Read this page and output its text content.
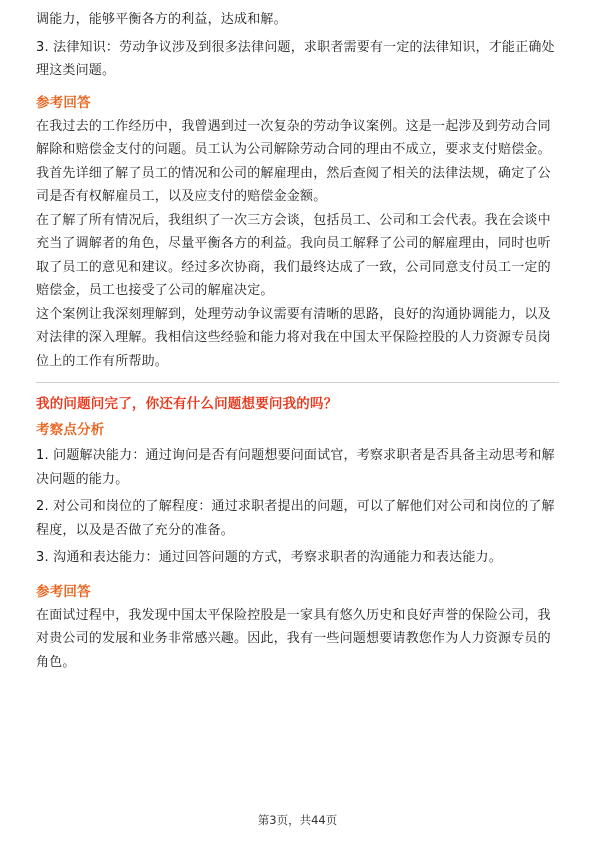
调能力，能够平衡各方的利益，达成和解。

3. 法律知识：劳动争议涉及到很多法律问题，求职者需要有一定的法律知识，才能正确处理这类问题。

参考回答

在我过去的工作经历中，我曾遇到过一次复杂的劳动争议案例。这是一起涉及到劳动合同解除和赔偿金支付的问题。员工认为公司解除劳动合同的理由不成立，要求支付赔偿金。我首先详细了解了员工的情况和公司的解雇理由，然后查阅了相关的法律法规，确定了公司是否有权解雇员工，以及应支付的赔偿金金额。

在了解了所有情况后，我组织了一次三方会谈，包括员工、公司和工会代表。我在会谈中充当了调解者的角色，尽量平衡各方的利益。我向员工解释了公司的解雇理由，同时也听取了员工的意见和建议。经过多次协商，我们最终达成了一致，公司同意支付员工一定的赔偿金，员工也接受了公司的解雇决定。

这个案例让我深刻理解到，处理劳动争议需要有清晰的思路，良好的沟通协调能力，以及对法律的深入理解。我相信这些经验和能力将对我在中国太平保险控股的人力资源专员岗位上的工作有所帮助。

我的问题问完了，你还有什么问题想要问我的吗？

考察点分析

1. 问题解决能力：通过询问是否有问题想要问面试官，考察求职者是否具备主动思考和解决问题的能力。

2. 对公司和岗位的了解程度：通过求职者提出的问题，可以了解他们对公司和岗位的了解程度，以及是否做了充分的准备。

3. 沟通和表达能力：通过回答问题的方式，考察求职者的沟通能力和表达能力。

参考回答

在面试过程中，我发现中国太平保险控股是一家具有悠久历史和良好声誉的保险公司，我对贵公司的发展和业务非常感兴趣。因此，我有一些问题想要请教您作为人力资源专员的角色。

第3页，共44页
